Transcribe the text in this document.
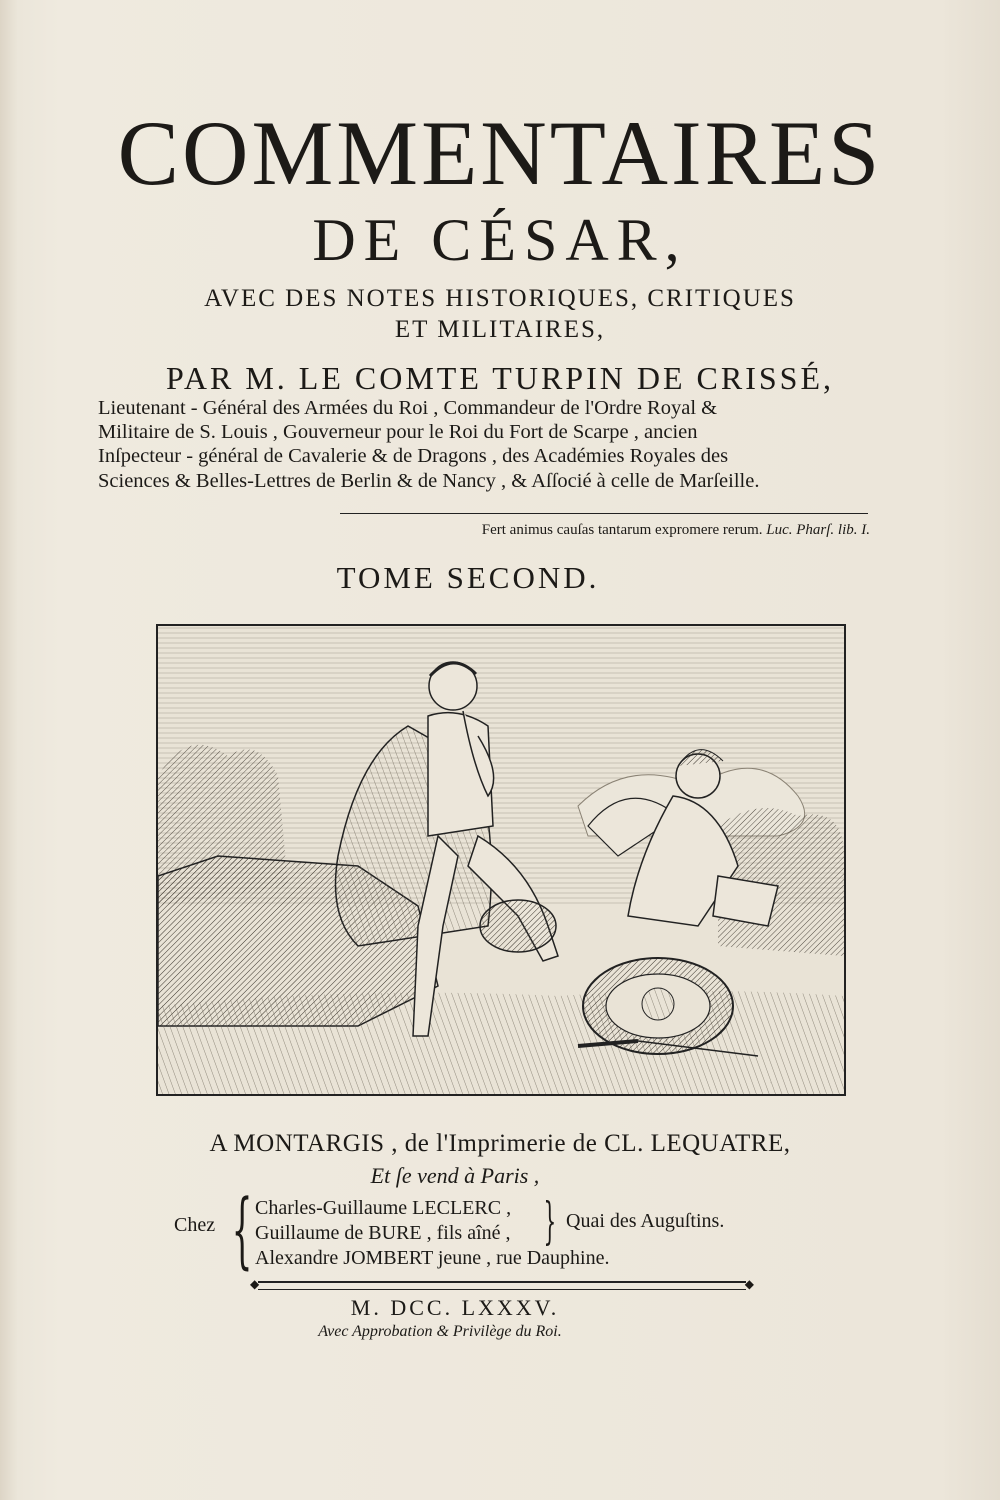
COMMENTAIRES
DE CÉSAR,
AVEC DES NOTES HISTORIQUES, CRITIQUES
ET MILITAIRES,
PAR M. LE COMTE TURPIN DE CRISSÉ,
Lieutenant - Général des Armées du Roi , Commandeur de l'Ordre Royal &
Militaire de S. Louis , Gouverneur pour le Roi du Fort de Scarpe , ancien
Inſpecteur - général de Cavalerie & de Dragons , des Académies Royales des
Sciences & Belles-Lettres de Berlin & de Nancy , & Aſſocié à celle de Marſeille.
Fert animus cauſas tantarum expromere rerum. Luc. Pharſ. lib. I.
TOME SECOND.
A MONTARGIS , de l'Imprimerie de CL. LEQUATRE,
Et ſe vend à Paris ,
Chez { Charles-Guillaume LECLERC ,
Guillaume de BURE , fils aîné ,
Alexandre JOMBERT jeune , rue Dauphine.
} Quai des Auguſtins.
◆	◆
M. DCC. LXXXV.
Avec Approbation & Privilège du Roi.
